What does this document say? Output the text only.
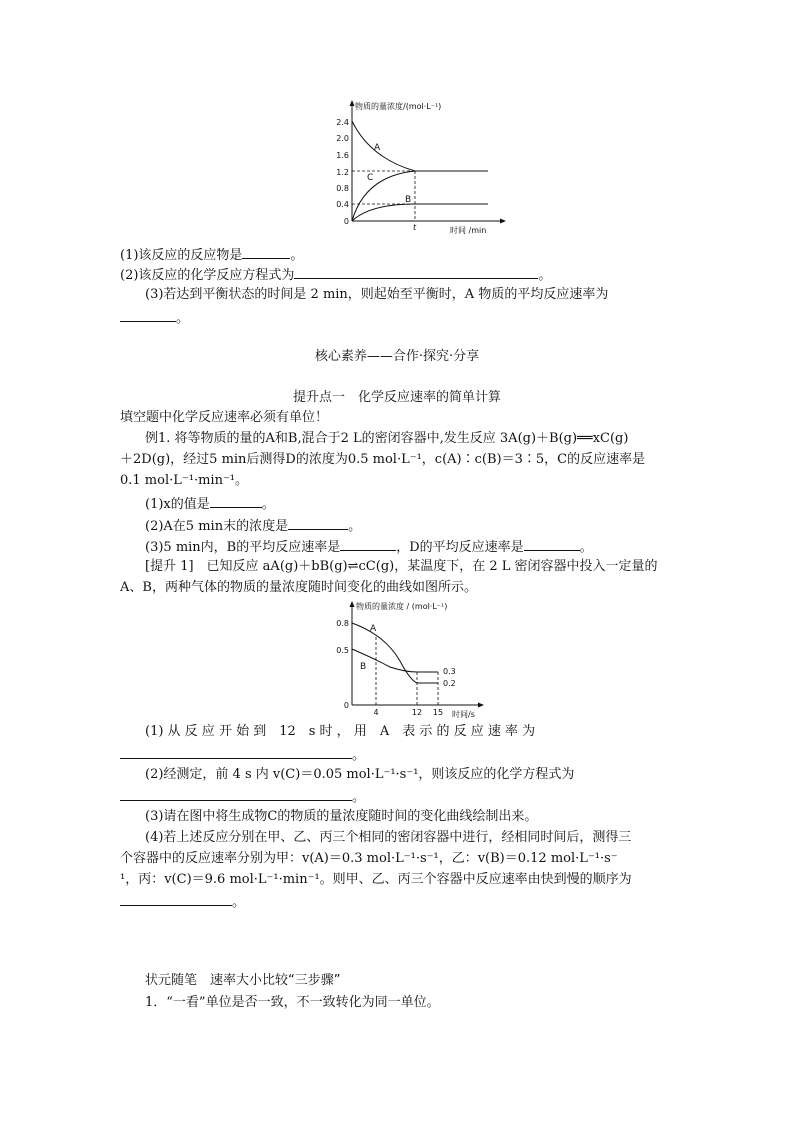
物质的量浓度/(mol·L⁻¹)
2.4
2.0
1.6
1.2
0.8
0.4
0
A
C
B
t	时间 /min
(1)该反应的反应物是	。
(2)该反应的化学反应方程式为	。
(3)若达到平衡状态的时间是 2 min，则起始至平衡时，A 物质的平均反应速率为
。
核心素养——合作·探究·分享
提升点一　化学反应速率的简单计算
填空题中化学反应速率必须有单位！
例1. 将等物质的量的A和B,混合于2 L的密闭容器中,发生反应 3A(g)＋B(g)══xC(g)
＋2D(g)，经过5 min后测得D的浓度为0.5 mol·L⁻¹，c(A)∶c(B)＝3∶5，C的反应速率是
0.1 mol·L⁻¹·min⁻¹。
(1)x的值是	。
(2)A在5 min末的浓度是	。
(3)5 min内，B的平均反应速率是	，D的平均反应速率是	。
[提升 1]　已知反应 aA(g)＋bB(g)⇌cC(g)，某温度下，在 2 L 密闭容器中投入一定量的
A、B，两种气体的物质的量浓度随时间变化的曲线如图所示。
物质的量浓度 / (mol·L⁻¹)
0.8
0.5
0
A
B	0.3
0.2
4	12 15 时间/s
(1) 从 反 应 开 始 到　12　s 时 ， 用　A　表 示 的 反 应 速 率 为
。
(2)经测定，前 4 s 内 v(C)＝0.05 mol·L⁻¹·s⁻¹，则该反应的化学方程式为
。
(3)请在图中将生成物C的物质的量浓度随时间的变化曲线绘制出来。
(4)若上述反应分别在甲、乙、丙三个相同的密闭容器中进行，经相同时间后，测得三
个容器中的反应速率分别为甲：v(A)＝0.3 mol·L⁻¹·s⁻¹，乙：v(B)＝0.12 mol·L⁻¹·s⁻
¹，丙：v(C)＝9.6 mol·L⁻¹·min⁻¹。则甲、乙、丙三个容器中反应速率由快到慢的顺序为
。
状元随笔　速率大小比较“三步骤”
1．“一看”单位是否一致，不一致转化为同一单位。
